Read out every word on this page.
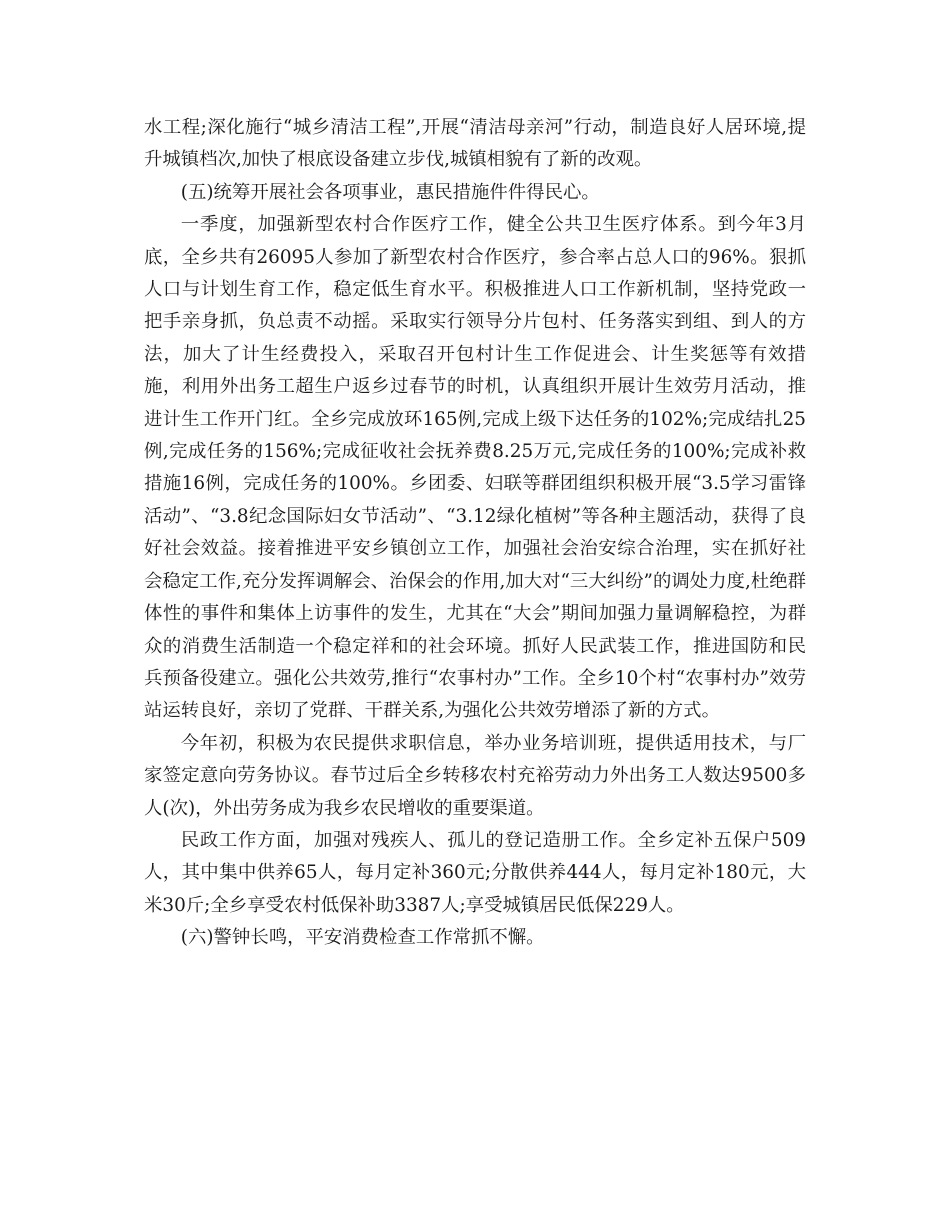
水工程;深化施行“城乡清洁工程”,开展“清洁母亲河”行动，制造良好人居环境,提升城镇档次,加快了根底设备建立步伐,城镇相貌有了新的改观。

(五)统筹开展社会各项事业，惠民措施件件得民心。

一季度，加强新型农村合作医疗工作，健全公共卫生医疗体系。到今年3月底，全乡共有26095人参加了新型农村合作医疗，参合率占总人口的96%。狠抓人口与计划生育工作，稳定低生育水平。积极推进人口工作新机制，坚持党政一把手亲身抓，负总责不动摇。采取实行领导分片包村、任务落实到组、到人的方法，加大了计生经费投入，采取召开包村计生工作促进会、计生奖惩等有效措施，利用外出务工超生户返乡过春节的时机，认真组织开展计生效劳月活动，推进计生工作开门红。全乡完成放环165例,完成上级下达任务的102%;完成结扎25例,完成任务的156%;完成征收社会抚养费8.25万元,完成任务的100%;完成补救措施16例，完成任务的100%。乡团委、妇联等群团组织积极开展“3.5学习雷锋活动”、“3.8纪念国际妇女节活动”、“3.12绿化植树”等各种主题活动，获得了良好社会效益。接着推进平安乡镇创立工作，加强社会治安综合治理，实在抓好社会稳定工作,充分发挥调解会、治保会的作用,加大对“三大纠纷”的调处力度,杜绝群体性的事件和集体上访事件的发生，尤其在“大会”期间加强力量调解稳控，为群众的消费生活制造一个稳定祥和的社会环境。抓好人民武装工作，推进国防和民兵预备役建立。强化公共效劳,推行“农事村办”工作。全乡10个村“农事村办”效劳站运转良好，亲切了党群、干群关系,为强化公共效劳增添了新的方式。

今年初，积极为农民提供求职信息，举办业务培训班，提供适用技术，与厂家签定意向劳务协议。春节过后全乡转移农村充裕劳动力外出务工人数达9500多人(次)，外出劳务成为我乡农民增收的重要渠道。

民政工作方面，加强对残疾人、孤儿的登记造册工作。全乡定补五保户509人，其中集中供养65人，每月定补360元;分散供养444人，每月定补180元，大米30斤;全乡享受农村低保补助3387人;享受城镇居民低保229人。

(六)警钟长鸣，平安消费检查工作常抓不懈。
